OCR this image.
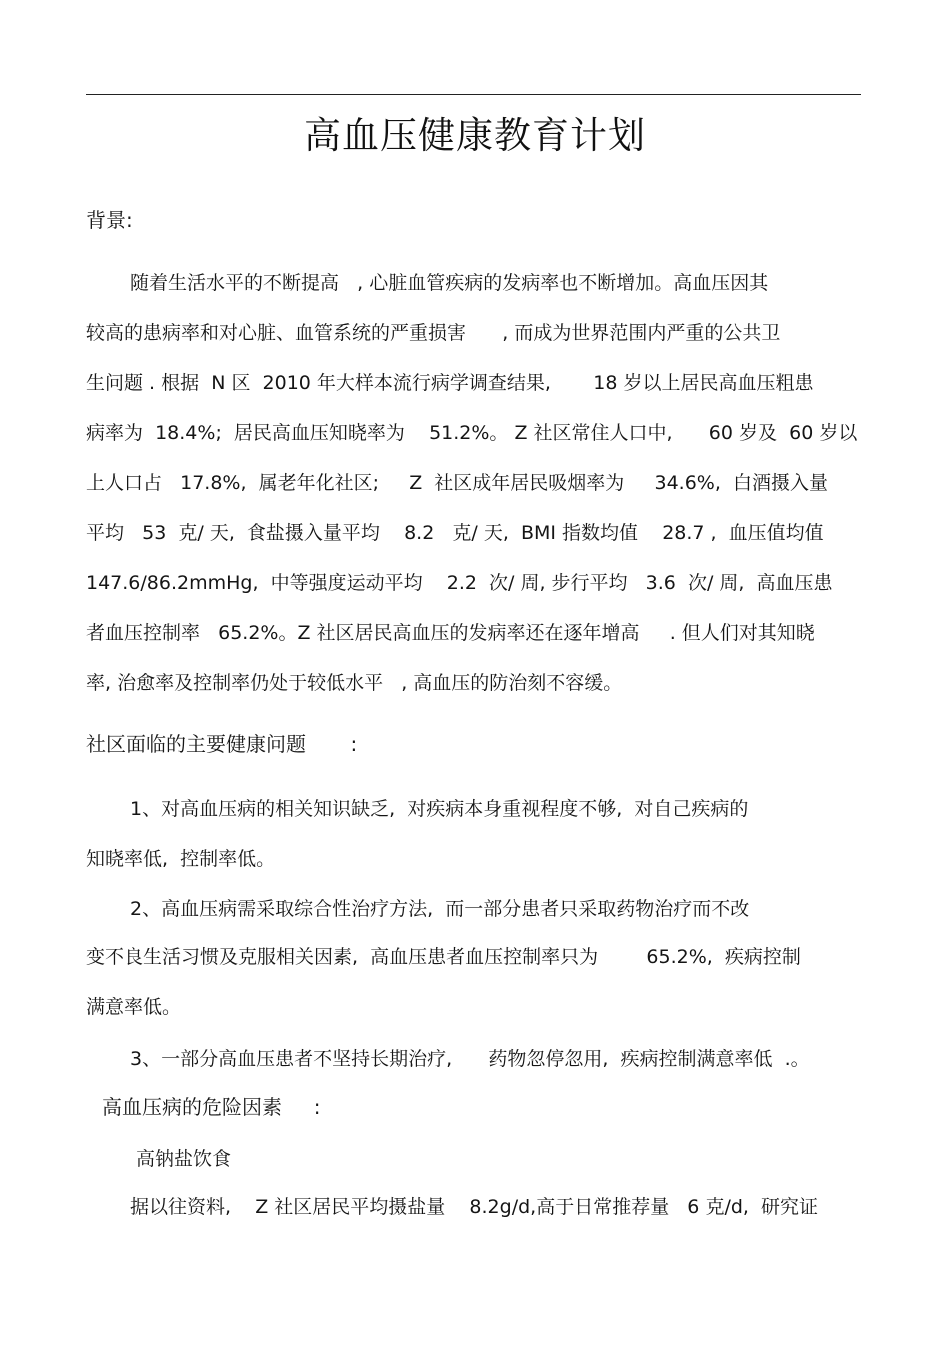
高血压健康教育计划
背景:
随着生活水平的不断提高   , 心脏血管疾病的发病率也不断增加。高血压因其
较高的患病率和对心脏、血管系统的严重损害      , 而成为世界范围内严重的公共卫
生问题 . 根据  N 区  2010 年大样本流行病学调查结果,       18 岁以上居民高血压粗患
病率为  18.4%;  居民高血压知晓率为    51.2%。 Z 社区常住人口中,      60 岁及  60 岁以
上人口占   17.8%,  属老年化社区;     Z  社区成年居民吸烟率为     34.6%,  白酒摄入量
平均   53  克/ 天,  食盐摄入量平均    8.2   克/ 天,  BMI 指数均值    28.7 ,  血压值均值
147.6/86.2mmHg,  中等强度运动平均    2.2  次/ 周, 步行平均   3.6  次/ 周,  高血压患
者血压控制率   65.2%。Z 社区居民高血压的发病率还在逐年增高     . 但人们对其知晓
率, 治愈率及控制率仍处于较低水平   , 高血压的防治刻不容缓。
社区面临的主要健康问题       :
1、对高血压病的相关知识缺乏,  对疾病本身重视程度不够,  对自己疾病的
知晓率低,  控制率低。
2、高血压病需采取综合性治疗方法,  而一部分患者只采取药物治疗而不改
变不良生活习惯及克服相关因素,  高血压患者血压控制率只为        65.2%,  疾病控制
满意率低。
3、一部分高血压患者不坚持长期治疗,      药物忽停忽用,  疾病控制满意率低  .。
高血压病的危险因素     :
高钠盐饮食
据以往资料,    Z 社区居民平均摄盐量    8.2g/d,高于日常推荐量   6 克/d,  研究证
